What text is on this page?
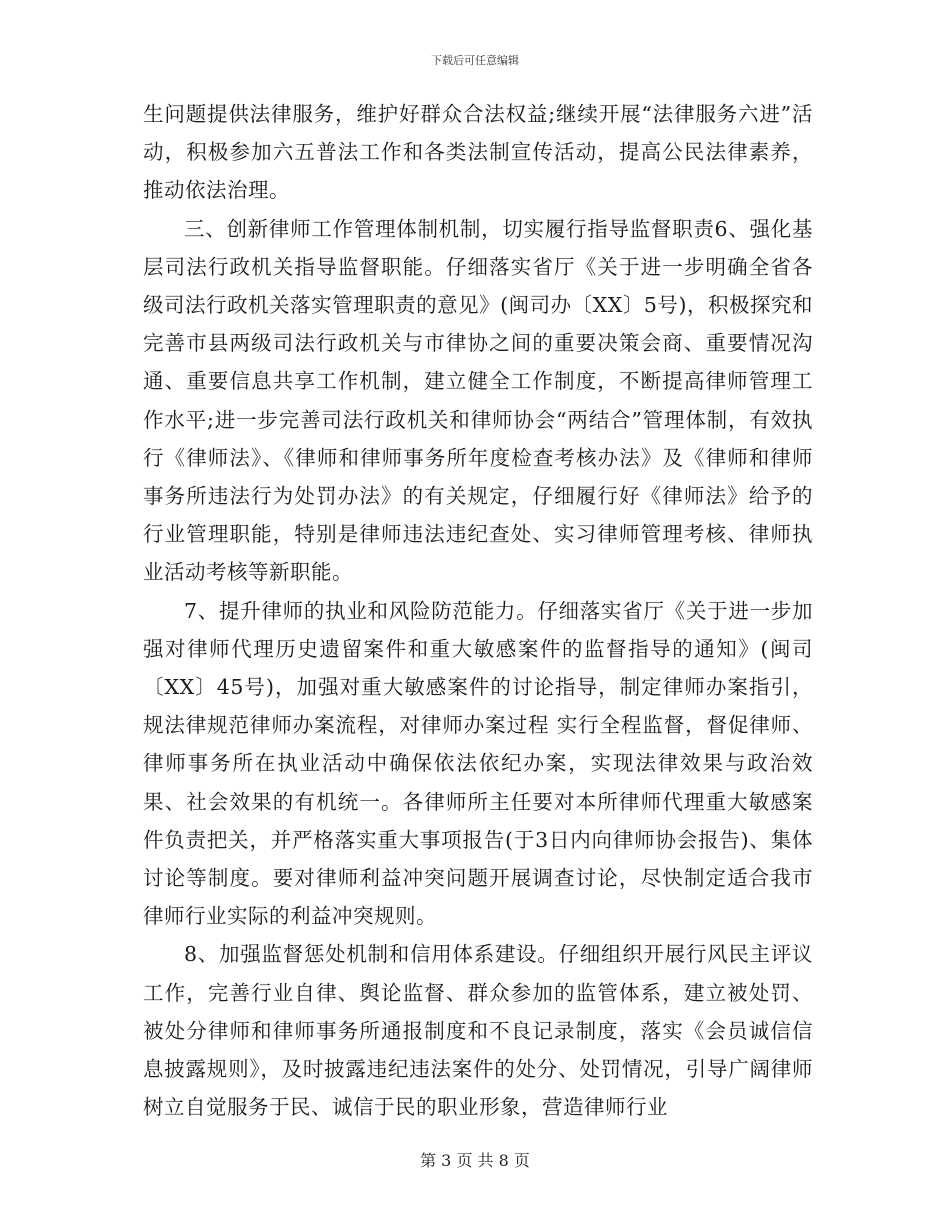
下载后可任意编辑

生问题提供法律服务，维护好群众合法权益;继续开展“法律服务六进”活动，积极参加六五普法工作和各类法制宣传活动，提高公民法律素养，推动依法治理。

三、创新律师工作管理体制机制，切实履行指导监督职责6、强化基层司法行政机关指导监督职能。仔细落实省厅《关于进一步明确全省各级司法行政机关落实管理职责的意见》(闽司办〔XX〕5号)，积极探究和完善市县两级司法行政机关与市律协之间的重要决策会商、重要情况沟通、重要信息共享工作机制，建立健全工作制度，不断提高律师管理工作水平;进一步完善司法行政机关和律师协会“两结合”管理体制，有效执行《律师法》、《律师和律师事务所年度检查考核办法》及《律师和律师事务所违法行为处罚办法》的有关规定，仔细履行好《律师法》给予的行业管理职能，特别是律师违法违纪查处、实习律师管理考核、律师执业活动考核等新职能。

7、提升律师的执业和风险防范能力。仔细落实省厅《关于进一步加强对律师代理历史遗留案件和重大敏感案件的监督指导的通知》(闽司〔XX〕45号)，加强对重大敏感案件的讨论指导，制定律师办案指引，规法律规范律师办案流程，对律师办案过程 实行全程监督，督促律师、律师事务所在执业活动中确保依法依纪办案，实现法律效果与政治效果、社会效果的有机统一。各律师所主任要对本所律师代理重大敏感案件负责把关，并严格落实重大事项报告(于3日内向律师协会报告)、集体讨论等制度。要对律师利益冲突问题开展调查讨论，尽快制定适合我市律师行业实际的利益冲突规则。

8、加强监督惩处机制和信用体系建设。仔细组织开展行风民主评议工作，完善行业自律、舆论监督、群众参加的监管体系，建立被处罚、被处分律师和律师事务所通报制度和不良记录制度，落实《会员诚信信息披露规则》，及时披露违纪违法案件的处分、处罚情况，引导广阔律师树立自觉服务于民、诚信于民的职业形象，营造律师行业

第 3 页 共 8 页
